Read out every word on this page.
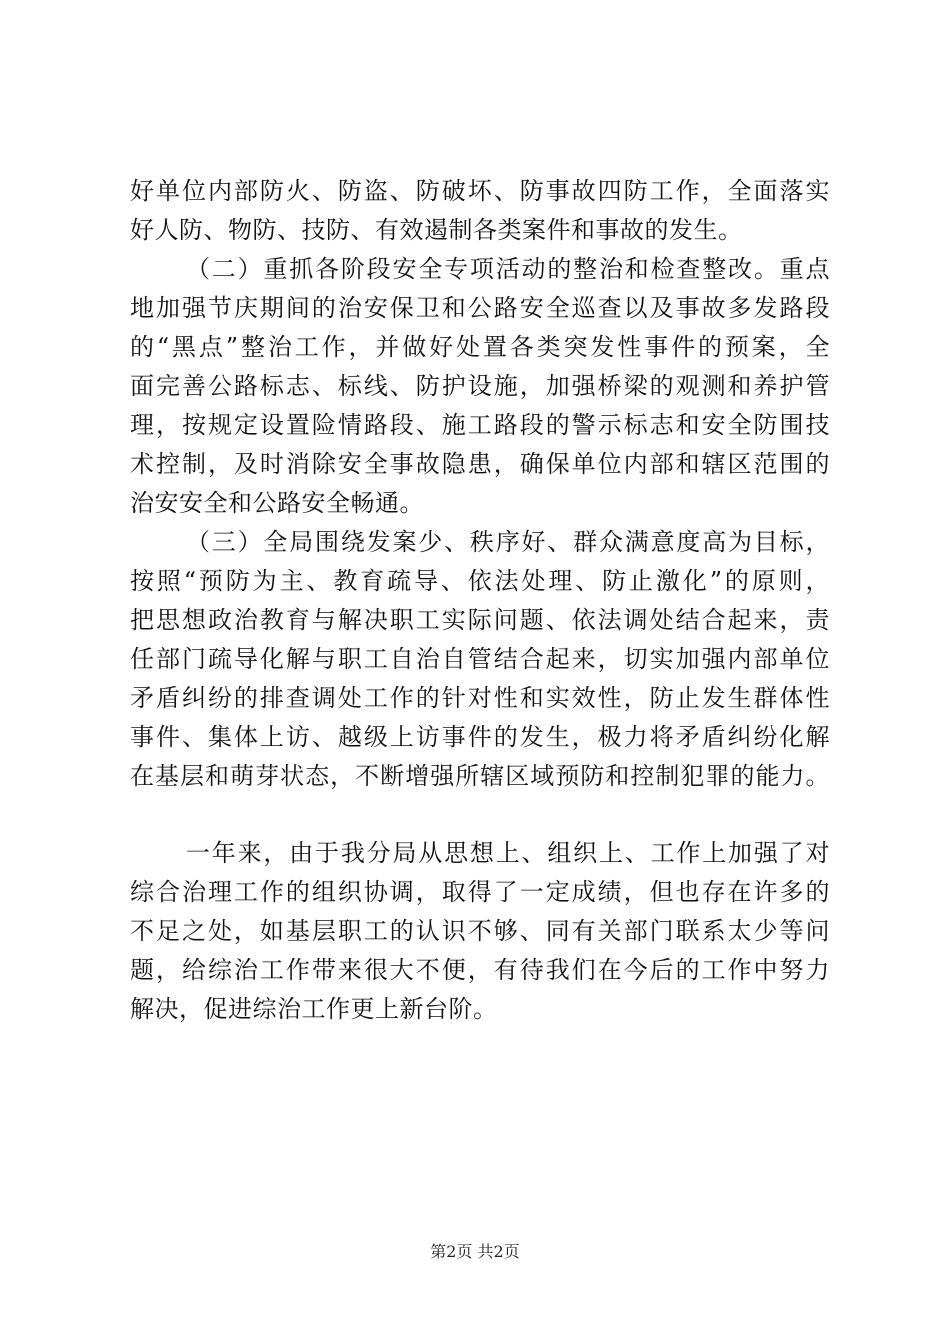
好单位内部防火、防盗、防破坏、防事故四防工作，全面落实
好人防、物防、技防、有效遏制各类案件和事故的发生。
（二）重抓各阶段安全专项活动的整治和检查整改。重点
地加强节庆期间的治安保卫和公路安全巡查以及事故多发路段
的“黑点”整治工作，并做好处置各类突发性事件的预案，全
面完善公路标志、标线、防护设施，加强桥梁的观测和养护管
理，按规定设置险情路段、施工路段的警示标志和安全防围技
术控制，及时消除安全事故隐患，确保单位内部和辖区范围的
治安安全和公路安全畅通。
（三）全局围绕发案少、秩序好、群众满意度高为目标，
按照“预防为主、教育疏导、依法处理、防止激化”的原则，
把思想政治教育与解决职工实际问题、依法调处结合起来，责
任部门疏导化解与职工自治自管结合起来，切实加强内部单位
矛盾纠纷的排查调处工作的针对性和实效性，防止发生群体性
事件、集体上访、越级上访事件的发生，极力将矛盾纠纷化解
在基层和萌芽状态，不断增强所辖区域预防和控制犯罪的能力。
一年来，由于我分局从思想上、组织上、工作上加强了对
综合治理工作的组织协调，取得了一定成绩，但也存在许多的
不足之处，如基层职工的认识不够、同有关部门联系太少等问
题，给综治工作带来很大不便，有待我们在今后的工作中努力
解决，促进综治工作更上新台阶。
第2页 共2页
